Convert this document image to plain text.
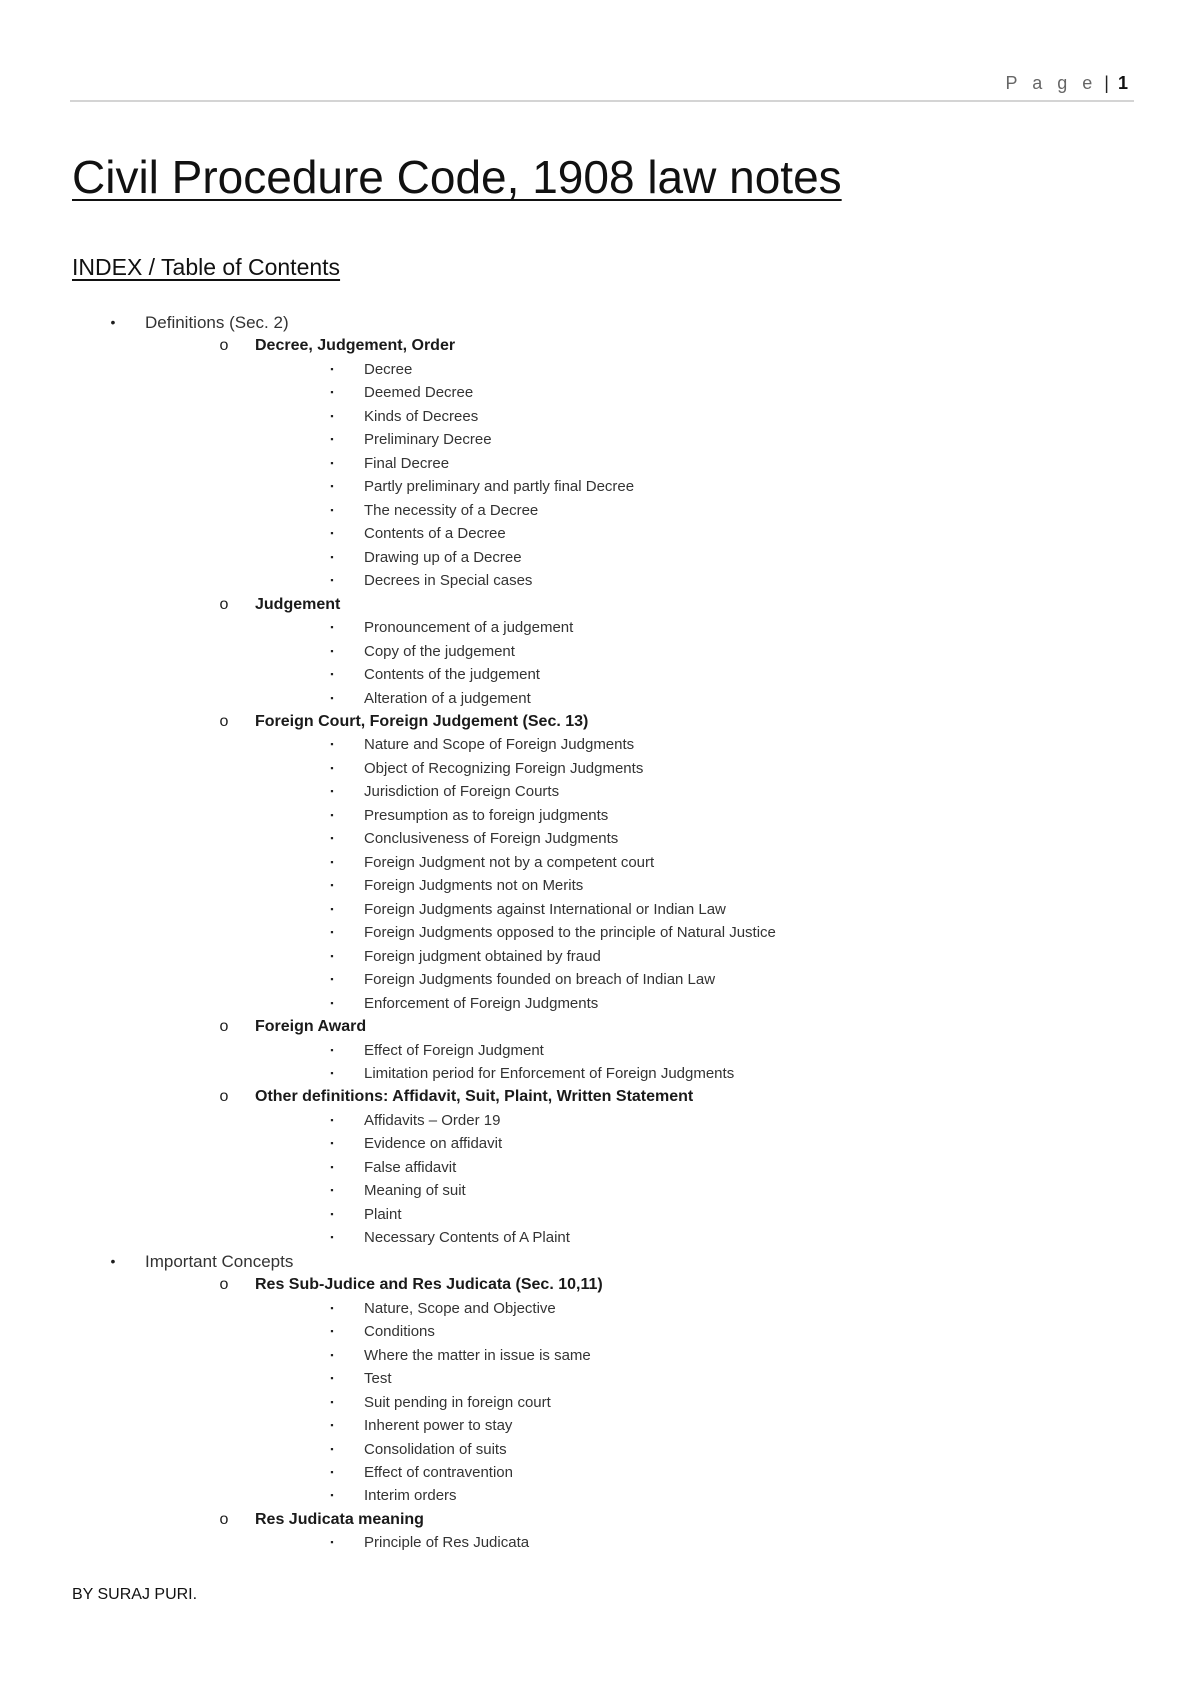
P a g e | 1
Civil Procedure Code, 1908 law notes
INDEX / Table of Contents
• Definitions (Sec. 2)
o Decree, Judgement, Order
▪	Decree
▪	Deemed Decree
▪	Kinds of Decrees
▪	Preliminary Decree
▪	Final Decree
▪	Partly preliminary and partly final Decree
▪	The necessity of a Decree
▪	Contents of a Decree
▪	Drawing up of a Decree
▪	Decrees in Special cases
o Judgement
▪	Pronouncement of a judgement
▪	Copy of the judgement
▪	Contents of the judgement
▪	Alteration of a judgement
o Foreign Court, Foreign Judgement (Sec. 13)
▪	Nature and Scope of Foreign Judgments
▪	Object of Recognizing Foreign Judgments
▪	Jurisdiction of Foreign Courts
▪	Presumption as to foreign judgments
▪	Conclusiveness of Foreign Judgments
▪	Foreign Judgment not by a competent court
▪	Foreign Judgments not on Merits
▪	Foreign Judgments against International or Indian Law
▪	Foreign Judgments opposed to the principle of Natural Justice
▪	Foreign judgment obtained by fraud
▪	Foreign Judgments founded on breach of Indian Law
▪	Enforcement of Foreign Judgments
o Foreign Award
▪	Effect of Foreign Judgment
▪	Limitation period for Enforcement of Foreign Judgments
o Other definitions: Affidavit, Suit, Plaint, Written Statement
▪	Affidavits – Order 19
▪	Evidence on affidavit
▪	False affidavit
▪	Meaning of suit
▪	Plaint
▪	Necessary Contents of A Plaint
• Important Concepts
o Res Sub-Judice and Res Judicata (Sec. 10,11)
▪	Nature, Scope and Objective
▪	Conditions
▪	Where the matter in issue is same
▪	Test
▪	Suit pending in foreign court
▪	Inherent power to stay
▪	Consolidation of suits
▪	Effect of contravention
▪	Interim orders
o Res Judicata meaning
▪	Principle of Res Judicata
BY SURAJ PURI.
